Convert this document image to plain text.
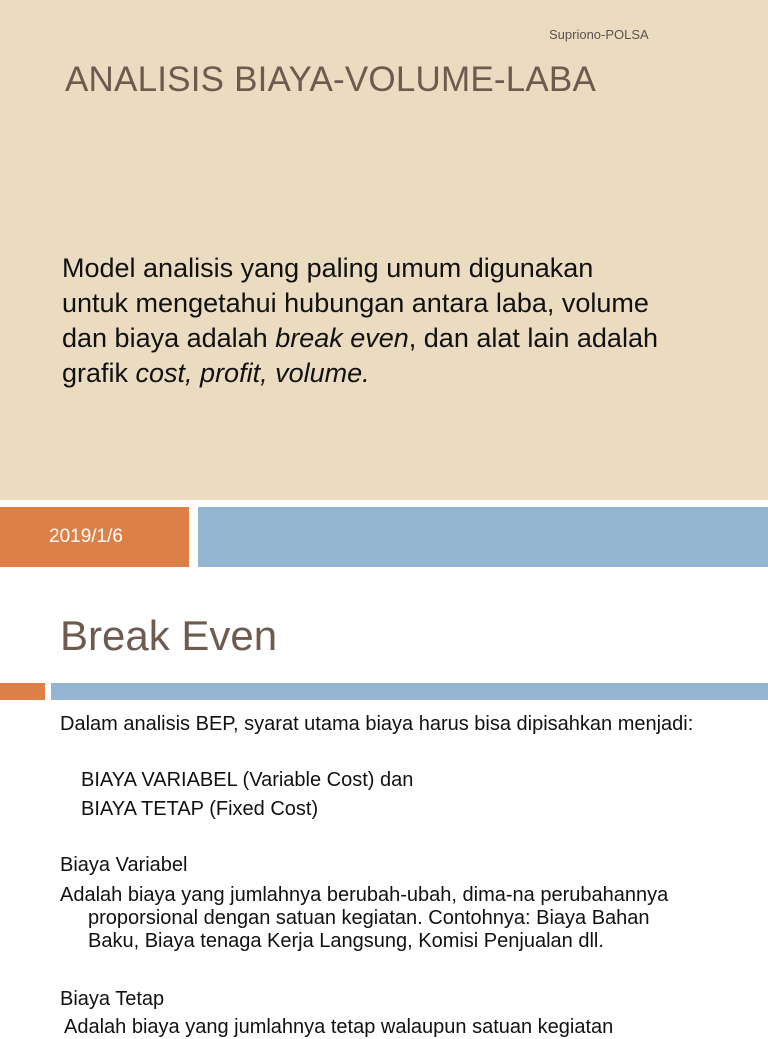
Supriono-POLSA
ANALISIS BIAYA-VOLUME-LABA
Model analisis yang paling umum digunakan
untuk mengetahui hubungan antara laba, volume
dan biaya adalah break even, dan alat lain adalah
grafik cost, profit, volume.
2019/1/6
Break Even
Dalam analisis BEP, syarat utama biaya harus bisa dipisahkan menjadi:
BIAYA VARIABEL (Variable Cost) dan
BIAYA TETAP (Fixed Cost)
Biaya Variabel
Adalah biaya yang jumlahnya berubah-ubah, dima-na perubahannya
proporsional dengan satuan kegiatan. Contohnya: Biaya Bahan
Baku, Biaya tenaga Kerja Langsung, Komisi Penjualan dll.
Biaya Tetap
Adalah biaya yang jumlahnya tetap walaupun satuan kegiatan
